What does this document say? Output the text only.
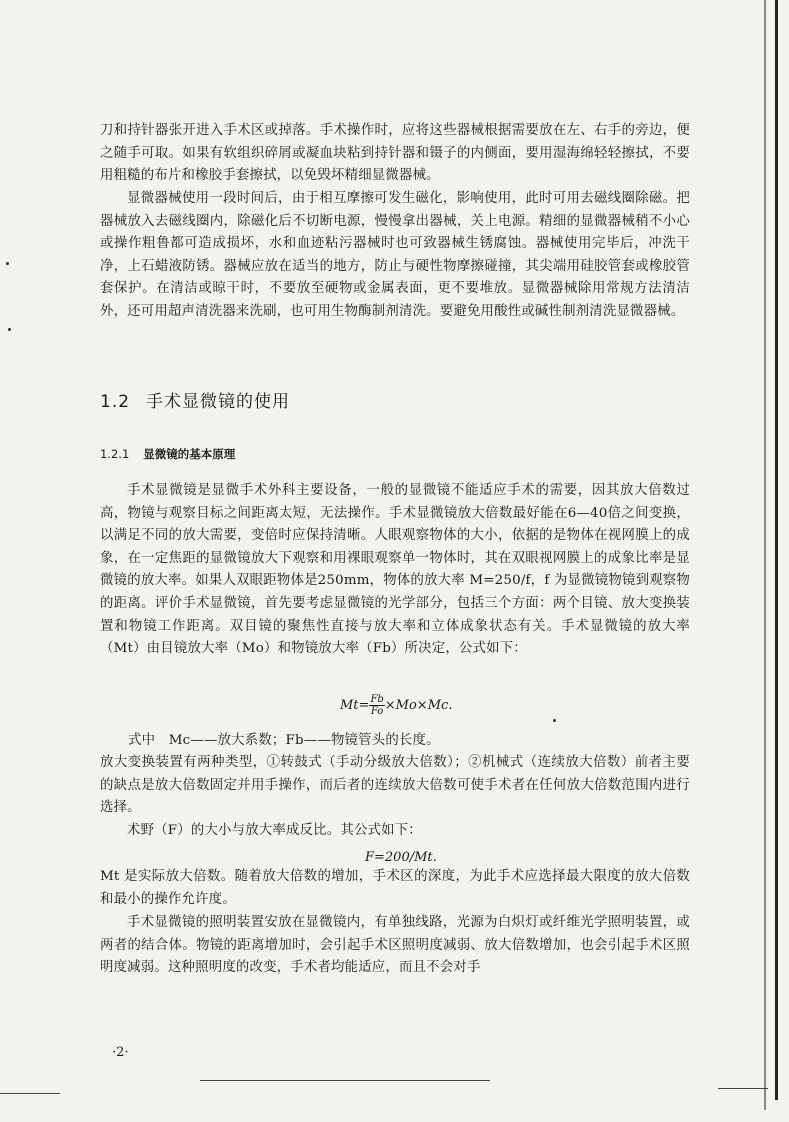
刀和持针器张开进入手术区或掉落。手术操作时，应将这些器械根据需要放在左、右手的旁边，便之随手可取。如果有软组织碎屑或凝血块粘到持针器和镊子的内侧面，要用湿海绵轻轻擦拭，不要用粗糙的布片和橡胶手套擦拭，以免毁坏精细显微器械。
显微器械使用一段时间后，由于相互摩擦可发生磁化，影响使用，此时可用去磁线圈除磁。把器械放入去磁线圈内，除磁化后不切断电源，慢慢拿出器械，关上电源。精细的显微器械稍不小心或操作粗鲁都可造成损坏，水和血迹粘污器械时也可致器械生锈腐蚀。器械使用完毕后，冲洗干净，上石蜡液防锈。器械应放在适当的地方，防止与硬性物摩擦碰撞，其尖端用硅胶管套或橡胶管套保护。在清洁或晾干时，不要放至硬物或金属表面，更不要堆放。显微器械除用常规方法清洁外，还可用超声清洗器来洗刷，也可用生物酶制剂清洗。要避免用酸性或碱性制剂清洗显微器械。
1.2 手术显微镜的使用
1.2.1 显微镜的基本原理
手术显微镜是显微手术外科主要设备，一般的显微镜不能适应手术的需要，因其放大倍数过高，物镜与观察目标之间距离太短，无法操作。手术显微镜放大倍数最好能在6—40倍之间变换，以满足不同的放大需要，变倍时应保持清晰。人眼观察物体的大小，依据的是物体在视网膜上的成象，在一定焦距的显微镜放大下观察和用裸眼观察单一物体时，其在双眼视网膜上的成象比率是显微镜的放大率。如果人双眼距物体是250mm，物体的放大率 M=250/f，f 为显微镜物镜到观察物的距离。评价手术显微镜，首先要考虑显微镜的光学部分，包括三个方面：两个目镜、放大变换装置和物镜工作距离。双目镜的聚焦性直接与放大率和立体成象状态有关。手术显微镜的放大率（Mt）由目镜放大率（Mo）和物镜放大率（Fb）所决定，公式如下：
$Mt= \frac{Fb}{Fo} \times Mo\times Mc$．
式中　Mc——放大系数；Fb——物镜管头的长度。
放大变换装置有两种类型，①转鼓式（手动分级放大倍数）；②机械式（连续放大倍数）前者主要的缺点是放大倍数固定并用手操作，而后者的连续放大倍数可使手术者在任何放大倍数范围内进行选择。
术野（F）的大小与放大率成反比。其公式如下：
F=200/Mt．
Mt 是实际放大倍数。随着放大倍数的增加，手术区的深度，为此手术应选择最大限度的放大倍数和最小的操作允许度。
手术显微镜的照明装置安放在显微镜内，有单独线路，光源为白炽灯或纤维光学照明装置，或两者的结合体。物镜的距离增加时，会引起手术区照明度减弱、放大倍数增加，也会引起手术区照明度减弱。这种照明度的改变，手术者均能适应，而且不会对手
·2·
